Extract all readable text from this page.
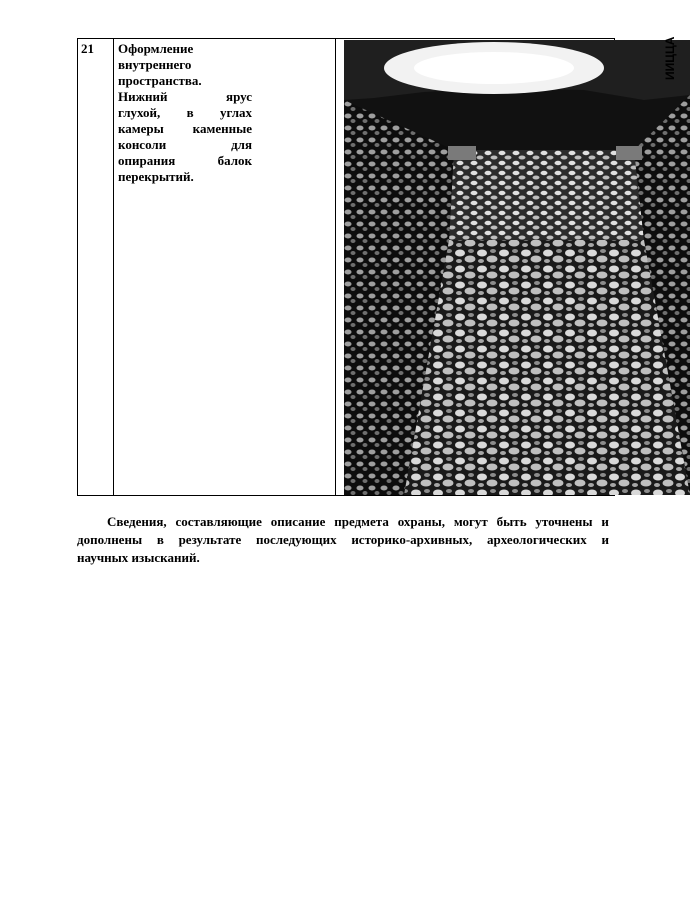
21 Оформление
внутреннего
пространства.
Нижний	ярус
глухой, в углах
камеры каменные
консоли	для
опирания	балок
перекрытий.
ИИЦЦА
Сведения, составляющие описание предмета охраны, могут быть уточнены и
дополнены в результате последующих историко-архивных, археологических и
научных изысканий.
